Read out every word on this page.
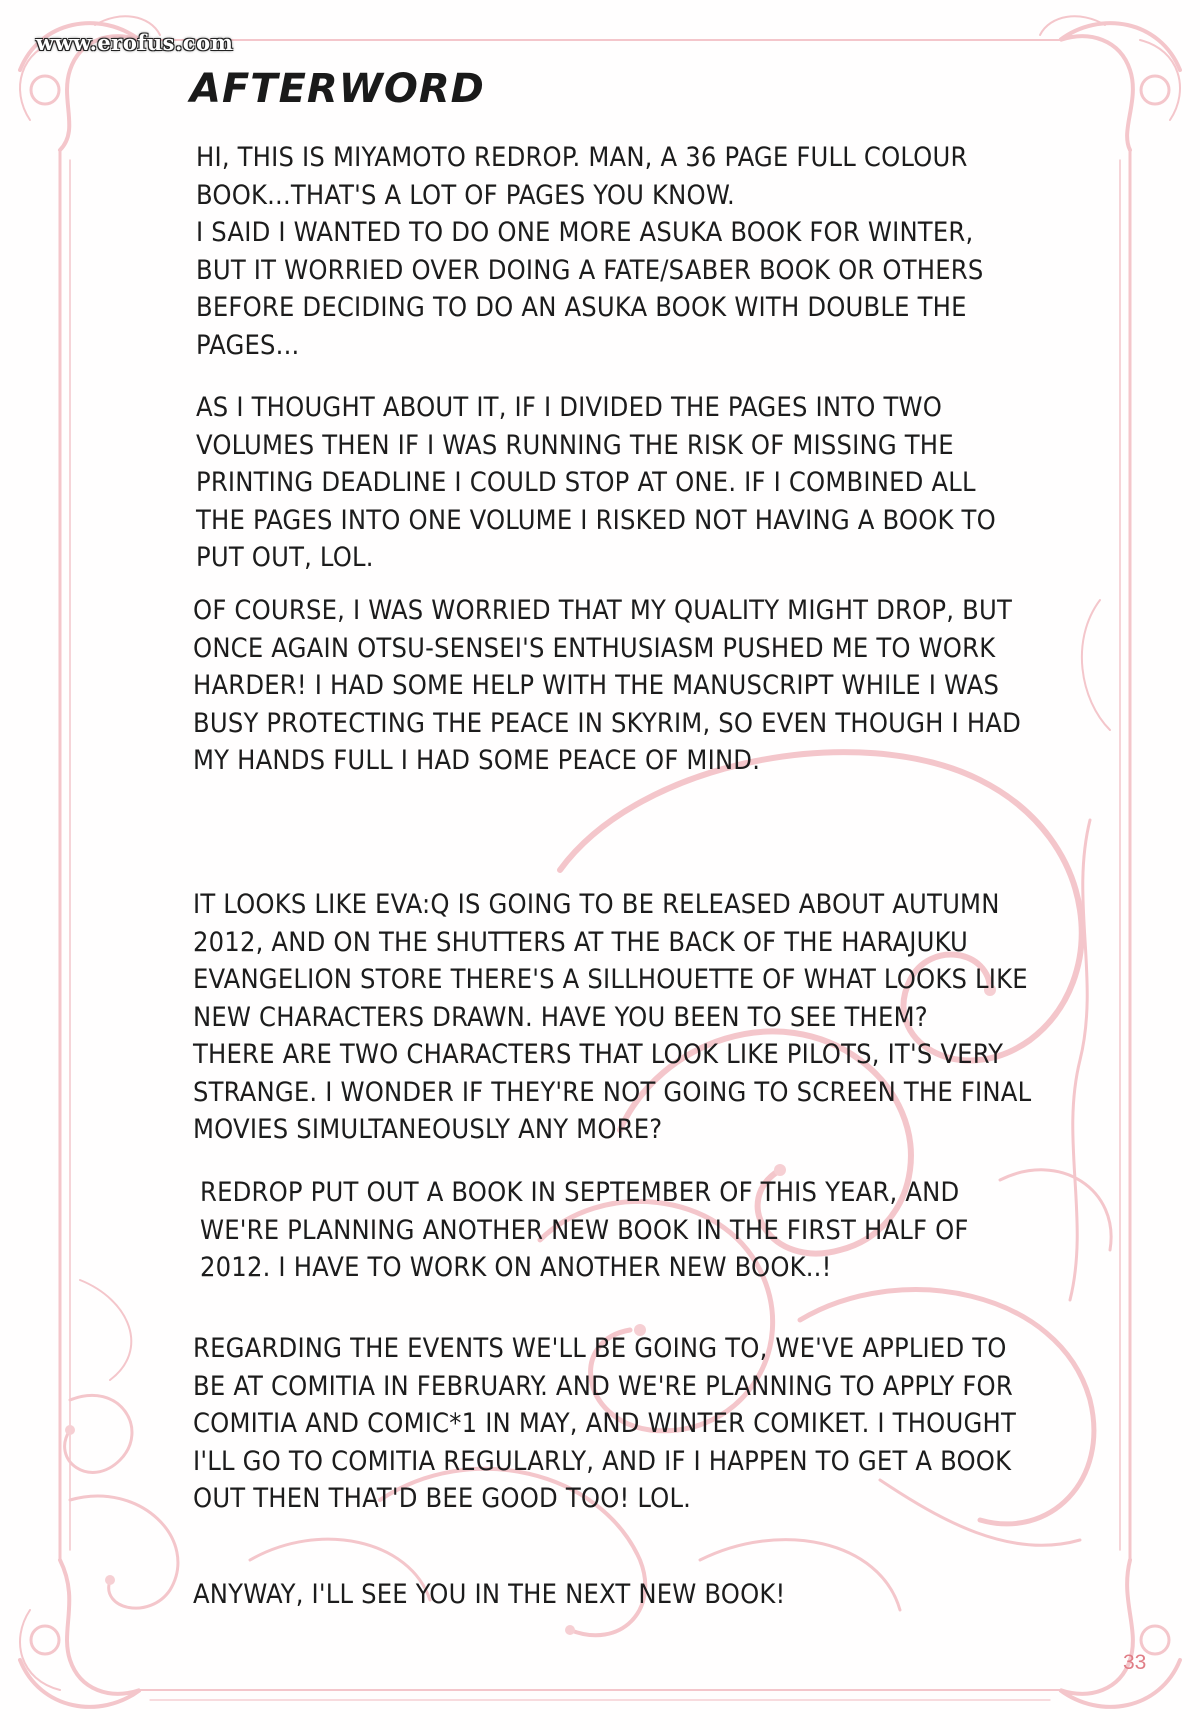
www.erofus.com
AFTERWORD
HI, THIS IS MIYAMOTO REDROP. MAN, A 36 PAGE FULL COLOUR
BOOK...THAT'S A LOT OF PAGES YOU KNOW.
I SAID I WANTED TO DO ONE MORE ASUKA BOOK FOR WINTER,
BUT IT WORRIED OVER DOING A FATE/SABER BOOK OR OTHERS
BEFORE DECIDING TO DO AN ASUKA BOOK WITH DOUBLE THE
PAGES...
AS I THOUGHT ABOUT IT, IF I DIVIDED THE PAGES INTO TWO
VOLUMES THEN IF I WAS RUNNING THE RISK OF MISSING THE
PRINTING DEADLINE I COULD STOP AT ONE. IF I COMBINED ALL
THE PAGES INTO ONE VOLUME I RISKED NOT HAVING A BOOK TO
PUT OUT, LOL.
OF COURSE, I WAS WORRIED THAT MY QUALITY MIGHT DROP, BUT
ONCE AGAIN OTSU-SENSEI'S ENTHUSIASM PUSHED ME TO WORK
HARDER! I HAD SOME HELP WITH THE MANUSCRIPT WHILE I WAS
BUSY PROTECTING THE PEACE IN SKYRIM, SO EVEN THOUGH I HAD
MY HANDS FULL I HAD SOME PEACE OF MIND.
IT LOOKS LIKE EVA:Q IS GOING TO BE RELEASED ABOUT AUTUMN
2012, AND ON THE SHUTTERS AT THE BACK OF THE HARAJUKU
EVANGELION STORE THERE'S A SILLHOUETTE OF WHAT LOOKS LIKE
NEW CHARACTERS DRAWN. HAVE YOU BEEN TO SEE THEM?
THERE ARE TWO CHARACTERS THAT LOOK LIKE PILOTS, IT'S VERY
STRANGE. I WONDER IF THEY'RE NOT GOING TO SCREEN THE FINAL
MOVIES SIMULTANEOUSLY ANY MORE?
REDROP PUT OUT A BOOK IN SEPTEMBER OF THIS YEAR, AND
WE'RE PLANNING ANOTHER NEW BOOK IN THE FIRST HALF OF
2012. I HAVE TO WORK ON ANOTHER NEW BOOK..!
REGARDING THE EVENTS WE'LL BE GOING TO, WE'VE APPLIED TO
BE AT COMITIA IN FEBRUARY. AND WE'RE PLANNING TO APPLY FOR
COMITIA AND COMIC*1 IN MAY, AND WINTER COMIKET. I THOUGHT
I'LL GO TO COMITIA REGULARLY, AND IF I HAPPEN TO GET A BOOK
OUT THEN THAT'D BEE GOOD TOO! LOL.
ANYWAY, I'LL SEE YOU IN THE NEXT NEW BOOK!
33
